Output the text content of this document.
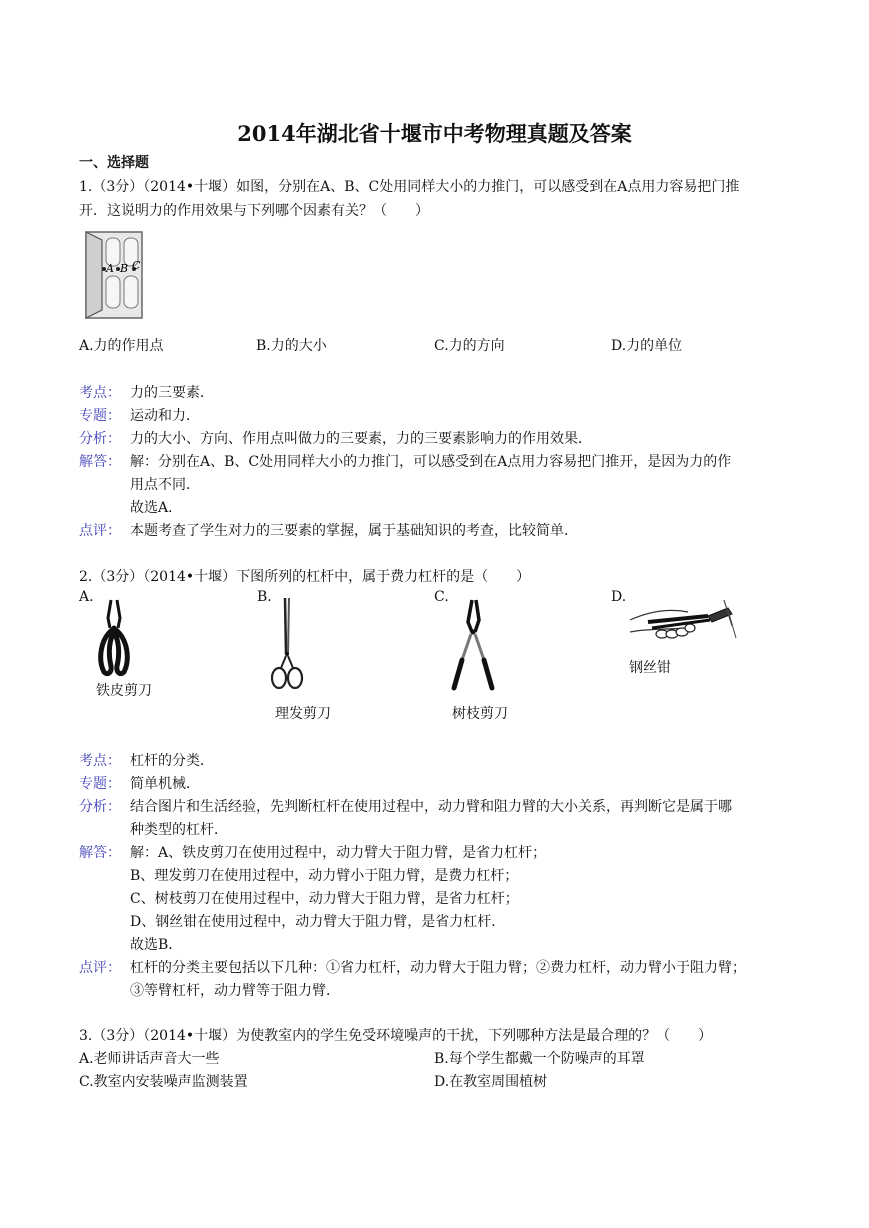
2014年湖北省十堰市中考物理真题及答案
一、选择题
1.（3分）（2014•十堰）如图，分别在A、B、C处用同样大小的力推门，可以感受到在A点用力容易把门推
开．这说明力的作用效果与下列哪个因素有关？（　　）
A B C
A.力的作用点	B.力的大小	C.力的方向	D.力的单位
考点： 力的三要素．
专题： 运动和力．
分析： 力的大小、方向、作用点叫做力的三要素，力的三要素影响力的作用效果．
解答： 解：分别在A、B、C处用同样大小的力推门，可以感受到在A点用力容易把门推开，是因为力的作
用点不同．
故选A．
点评： 本题考查了学生对力的三要素的掌握，属于基础知识的考查，比较简单．
2.（3分）（2014•十堰）下图所列的杠杆中，属于费力杠杆的是（　　）
A.	B.	C.	D.
铁皮剪刀
理发剪刀	树枝剪刀
钢丝钳
考点： 杠杆的分类．
专题： 简单机械．
分析： 结合图片和生活经验，先判断杠杆在使用过程中，动力臂和阻力臂的大小关系，再判断它是属于哪
种类型的杠杆．
解答： 解：A、铁皮剪刀在使用过程中，动力臂大于阻力臂，是省力杠杆；
B、理发剪刀在使用过程中，动力臂小于阻力臂，是费力杠杆；
C、树枝剪刀在使用过程中，动力臂大于阻力臂，是省力杠杆；
D、钢丝钳在使用过程中，动力臂大于阻力臂，是省力杠杆．
故选B．
点评： 杠杆的分类主要包括以下几种：①省力杠杆，动力臂大于阻力臂；②费力杠杆，动力臂小于阻力臂；
③等臂杠杆，动力臂等于阻力臂．
3.（3分）（2014•十堰）为使教室内的学生免受环境噪声的干扰，下列哪种方法是最合理的？（　　）
A.老师讲话声音大一些	B.每个学生都戴一个防噪声的耳罩
C.教室内安装噪声监测装置	D.在教室周围植树
